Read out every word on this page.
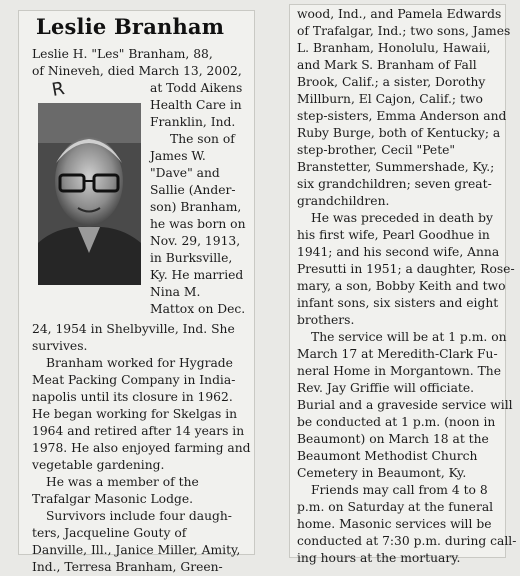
Leslie Branham
R
Leslie H. "Les" Branham, 88,
of Nineveh, died March 13, 2002,
at Todd Aikens
Health Care in
Franklin, Ind.
The son of
James W.
"Dave" and
Sallie (Ander-
son) Branham,
he was born on
Nov. 29, 1913,
in Burksville,
Ky. He married
Nina M.
Mattox on Dec.
24, 1954 in Shelbyville, Ind. She
survives.
Branham worked for Hygrade
Meat Packing Company in India-
napolis until its closure in 1962.
He began working for Skelgas in
1964 and retired after 14 years in
1978. He also enjoyed farming and
vegetable gardening.
He was a member of the
Trafalgar Masonic Lodge.
Survivors include four daugh-
ters, Jacqueline Gouty of
Danville, Ill., Janice Miller, Amity,
Ind., Terresa Branham, Green-
wood, Ind., and Pamela Edwards
of Trafalgar, Ind.; two sons, James
L. Branham, Honolulu, Hawaii,
and Mark S. Branham of Fall
Brook, Calif.; a sister, Dorothy
Millburn, El Cajon, Calif.; two
step-sisters, Emma Anderson and
Ruby Burge, both of Kentucky; a
step-brother, Cecil "Pete"
Branstetter, Summershade, Ky.;
six grandchildren; seven great-
grandchildren.
He was preceded in death by
his first wife, Pearl Goodhue in
1941; and his second wife, Anna
Presutti in 1951; a daughter, Rose-
mary, a son, Bobby Keith and two
infant sons, six sisters and eight
brothers.
The service will be at 1 p.m. on
March 17 at Meredith-Clark Fu-
neral Home in Morgantown. The
Rev. Jay Griffie will officiate.
Burial and a graveside service will
be conducted at 1 p.m. (noon in
Beaumont) on March 18 at the
Beaumont Methodist Church
Cemetery in Beaumont, Ky.
Friends may call from 4 to 8
p.m. on Saturday at the funeral
home. Masonic services will be
conducted at 7:30 p.m. during call-
ing hours at the mortuary.
